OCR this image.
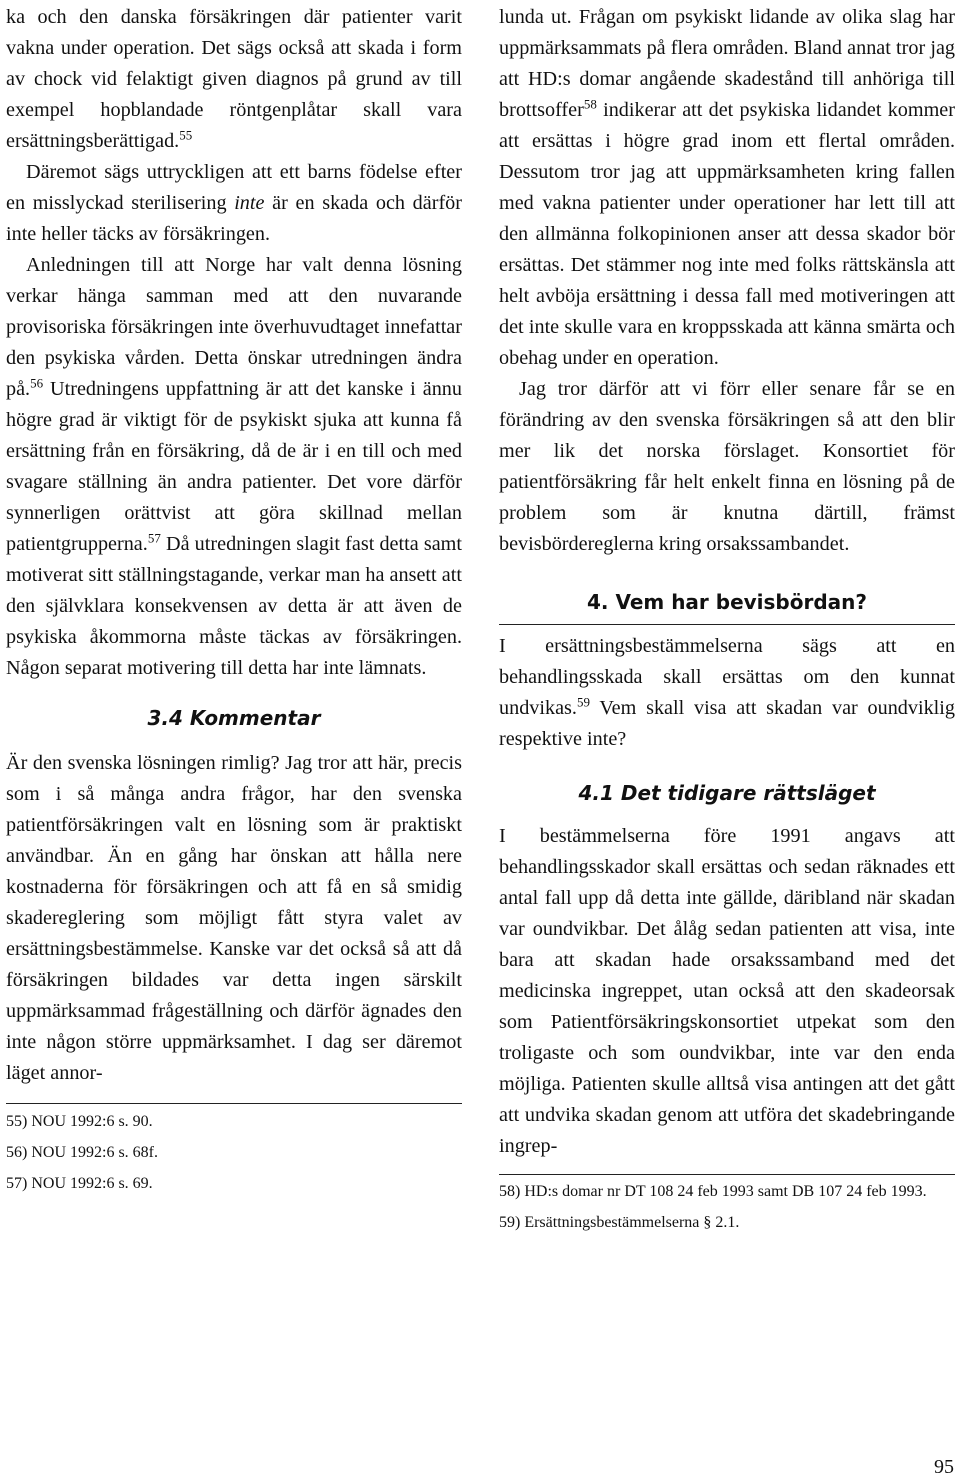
ka och den danska försäkringen där patienter varit vakna under operation. Det sägs också att skada i form av chock vid felaktigt given diagnos på grund av till exempel hopblandade röntgenplåtar skall vara ersättningsberättigad.$^{55}$

Däremot sägs uttryckligen att ett barns födelse efter en misslyckad sterilisering inte är en skada och därför inte heller täcks av försäkringen.

Anledningen till att Norge har valt denna lösning verkar hänga samman med att den nuvarande provisoriska försäkringen inte överhuvudtaget innefattar den psykiska vården. Detta önskar utredningen ändra på.$^{56}$ Utredningens uppfattning är att det kanske i ännu högre grad är viktigt för de psykiskt sjuka att kunna få ersättning från en försäkring, då de är i en till och med svagare ställning än andra patienter. Det vore därför synnerligen orättvist att göra skillnad mellan patientgrupperna.$^{57}$ Då utredningen slagit fast detta samt motiverat sitt ställningstagande, verkar man ha ansett att den självklara konsekvensen av detta är att även de psykiska åkommorna måste täckas av försäkringen. Någon separat motivering till detta har inte lämnats.

3.4 Kommentar

Är den svenska lösningen rimlig? Jag tror att här, precis som i så många andra frågor, har den svenska patientförsäkringen valt en lösning som är praktiskt användbar. Än en gång har önskan att hålla nere kostnaderna för försäkringen och att få en så smidig skadereglering som möjligt fått styra valet av ersättningsbestämmelse. Kanske var det också så att då försäkringen bildades var detta ingen särskilt uppmärksammad frågeställning och därför ägnades den inte någon större uppmärksamhet. I dag ser däremot läget annor-

55) NOU 1992:6 s. 90.

56) NOU 1992:6 s. 68f.

57) NOU 1992:6 s. 69.

lunda ut. Frågan om psykiskt lidande av olika slag har uppmärksammats på flera områden. Bland annat tror jag att HD:s domar angående skadestånd till anhöriga till brottsoffer$^{58}$ indikerar att det psykiska lidandet kommer att ersättas i högre grad inom ett flertal områden. Dessutom tror jag att uppmärksamheten kring fallen med vakna patienter under operationer har lett till att den allmänna folkopinionen anser att dessa skador bör ersättas. Det stämmer nog inte med folks rättskänsla att helt avböja ersättning i dessa fall med motiveringen att det inte skulle vara en kroppsskada att känna smärta och obehag under en operation.

Jag tror därför att vi förr eller senare får se en förändring av den svenska försäkringen så att den blir mer lik det norska förslaget. Konsortiet för patientförsäkring får helt enkelt finna en lösning på de problem som är knutna därtill, främst bevisbördereglerna kring orsakssambandet.

4. Vem har bevisbördan?

I ersättningsbestämmelserna sägs att en behandlingsskada skall ersättas om den kunnat undvikas.$^{59}$ Vem skall visa att skadan var oundviklig respektive inte?

4.1 Det tidigare rättsläget

I bestämmelserna före 1991 angavs att behandlingsskador skall ersättas och sedan räknades ett antal fall upp då detta inte gällde, däribland när skadan var oundvikbar. Det ålåg sedan patienten att visa, inte bara att skadan hade orsakssamband med det medicinska ingreppet, utan också att den skadeorsak som Patientförsäkringskonsortiet utpekat som den troligaste och som oundvikbar, inte var den enda möjliga. Patienten skulle alltså visa antingen att det gått att undvika skadan genom att utföra det skadebringande ingrep-

58) HD:s domar nr DT 108 24 feb 1993 samt DB 107 24 feb 1993.

59) Ersättningsbestämmelserna § 2.1.

95
